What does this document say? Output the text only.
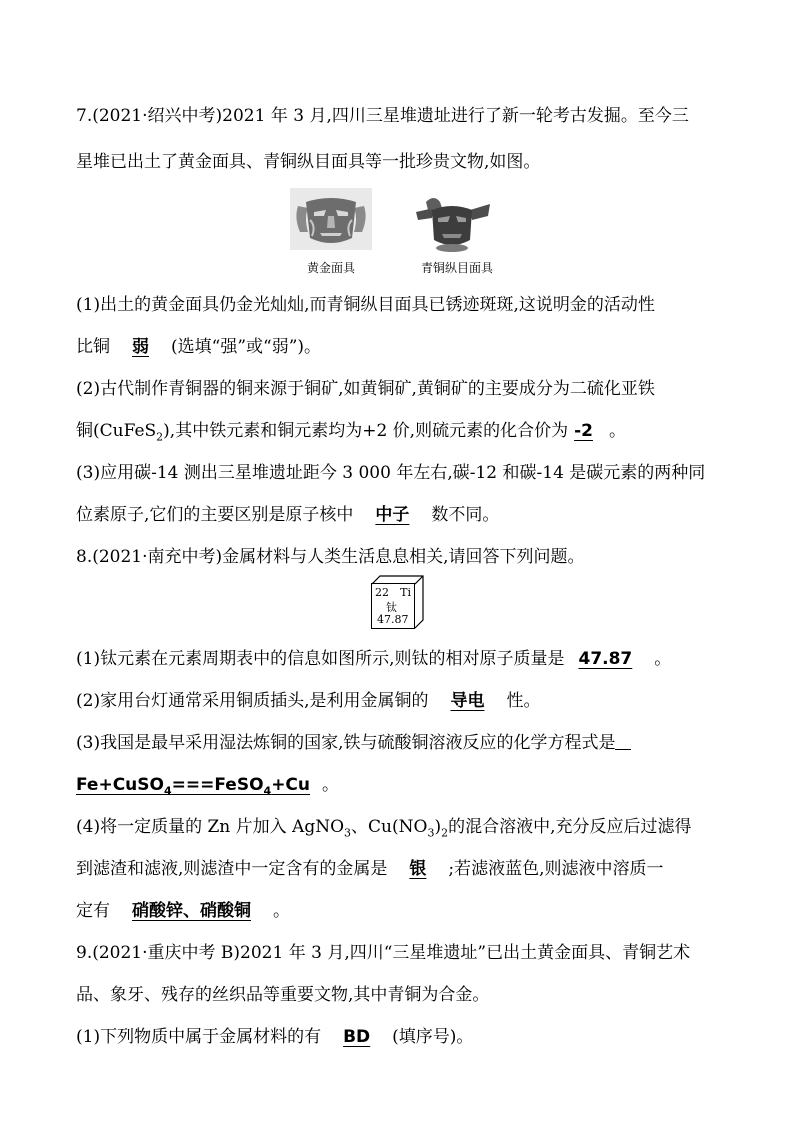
7.(2021·绍兴中考)2021 年 3 月,四川三星堆遗址进行了新一轮考古发掘。至今三
星堆已出土了黄金面具、青铜纵目面具等一批珍贵文物,如图。
黄金面具	青铜纵目面具
(1)出土的黄金面具仍金光灿灿,而青铜纵目面具已锈迹斑斑,这说明金的活动性
比铜 弱 (选填“强”或“弱”)。
(2)古代制作青铜器的铜来源于铜矿,如黄铜矿,黄铜矿的主要成分为二硫化亚铁
铜(CuFeS$_2$),其中铁元素和铜元素均为+2 价,则硫元素的化合价为 -2 。
(3)应用碳-14 测出三星堆遗址距今 3 000 年左右,碳-12 和碳-14 是碳元素的两种同
位素原子,它们的主要区别是原子核中 中子 数不同。
8.(2021·南充中考)金属材料与人类生活息息相关,请回答下列问题。
22 Ti
钛
47.87
(1)钛元素在元素周期表中的信息如图所示,则钛的相对原子质量是 47.87 。
(2)家用台灯通常采用铜质插头,是利用金属铜的 导电 性。
(3)我国是最早采用湿法炼铜的国家,铁与硫酸铜溶液反应的化学方程式是
Fe+CuSO$_4$===FeSO$_4$+Cu 。
(4)将一定质量的 Zn 片加入 AgNO$_3$、$Cu(NO_3)_2$的混合溶液中,充分反应后过滤得
到滤渣和滤液,则滤渣中一定含有的金属是 银 ;若滤液蓝色,则滤液中溶质一
定有 硝酸锌、硝酸铜 。
9.(2021·重庆中考 B)2021 年 3 月,四川“三星堆遗址”已出土黄金面具、青铜艺术
品、象牙、残存的丝织品等重要文物,其中青铜为合金。
(1)下列物质中属于金属材料的有 BD (填序号)。
